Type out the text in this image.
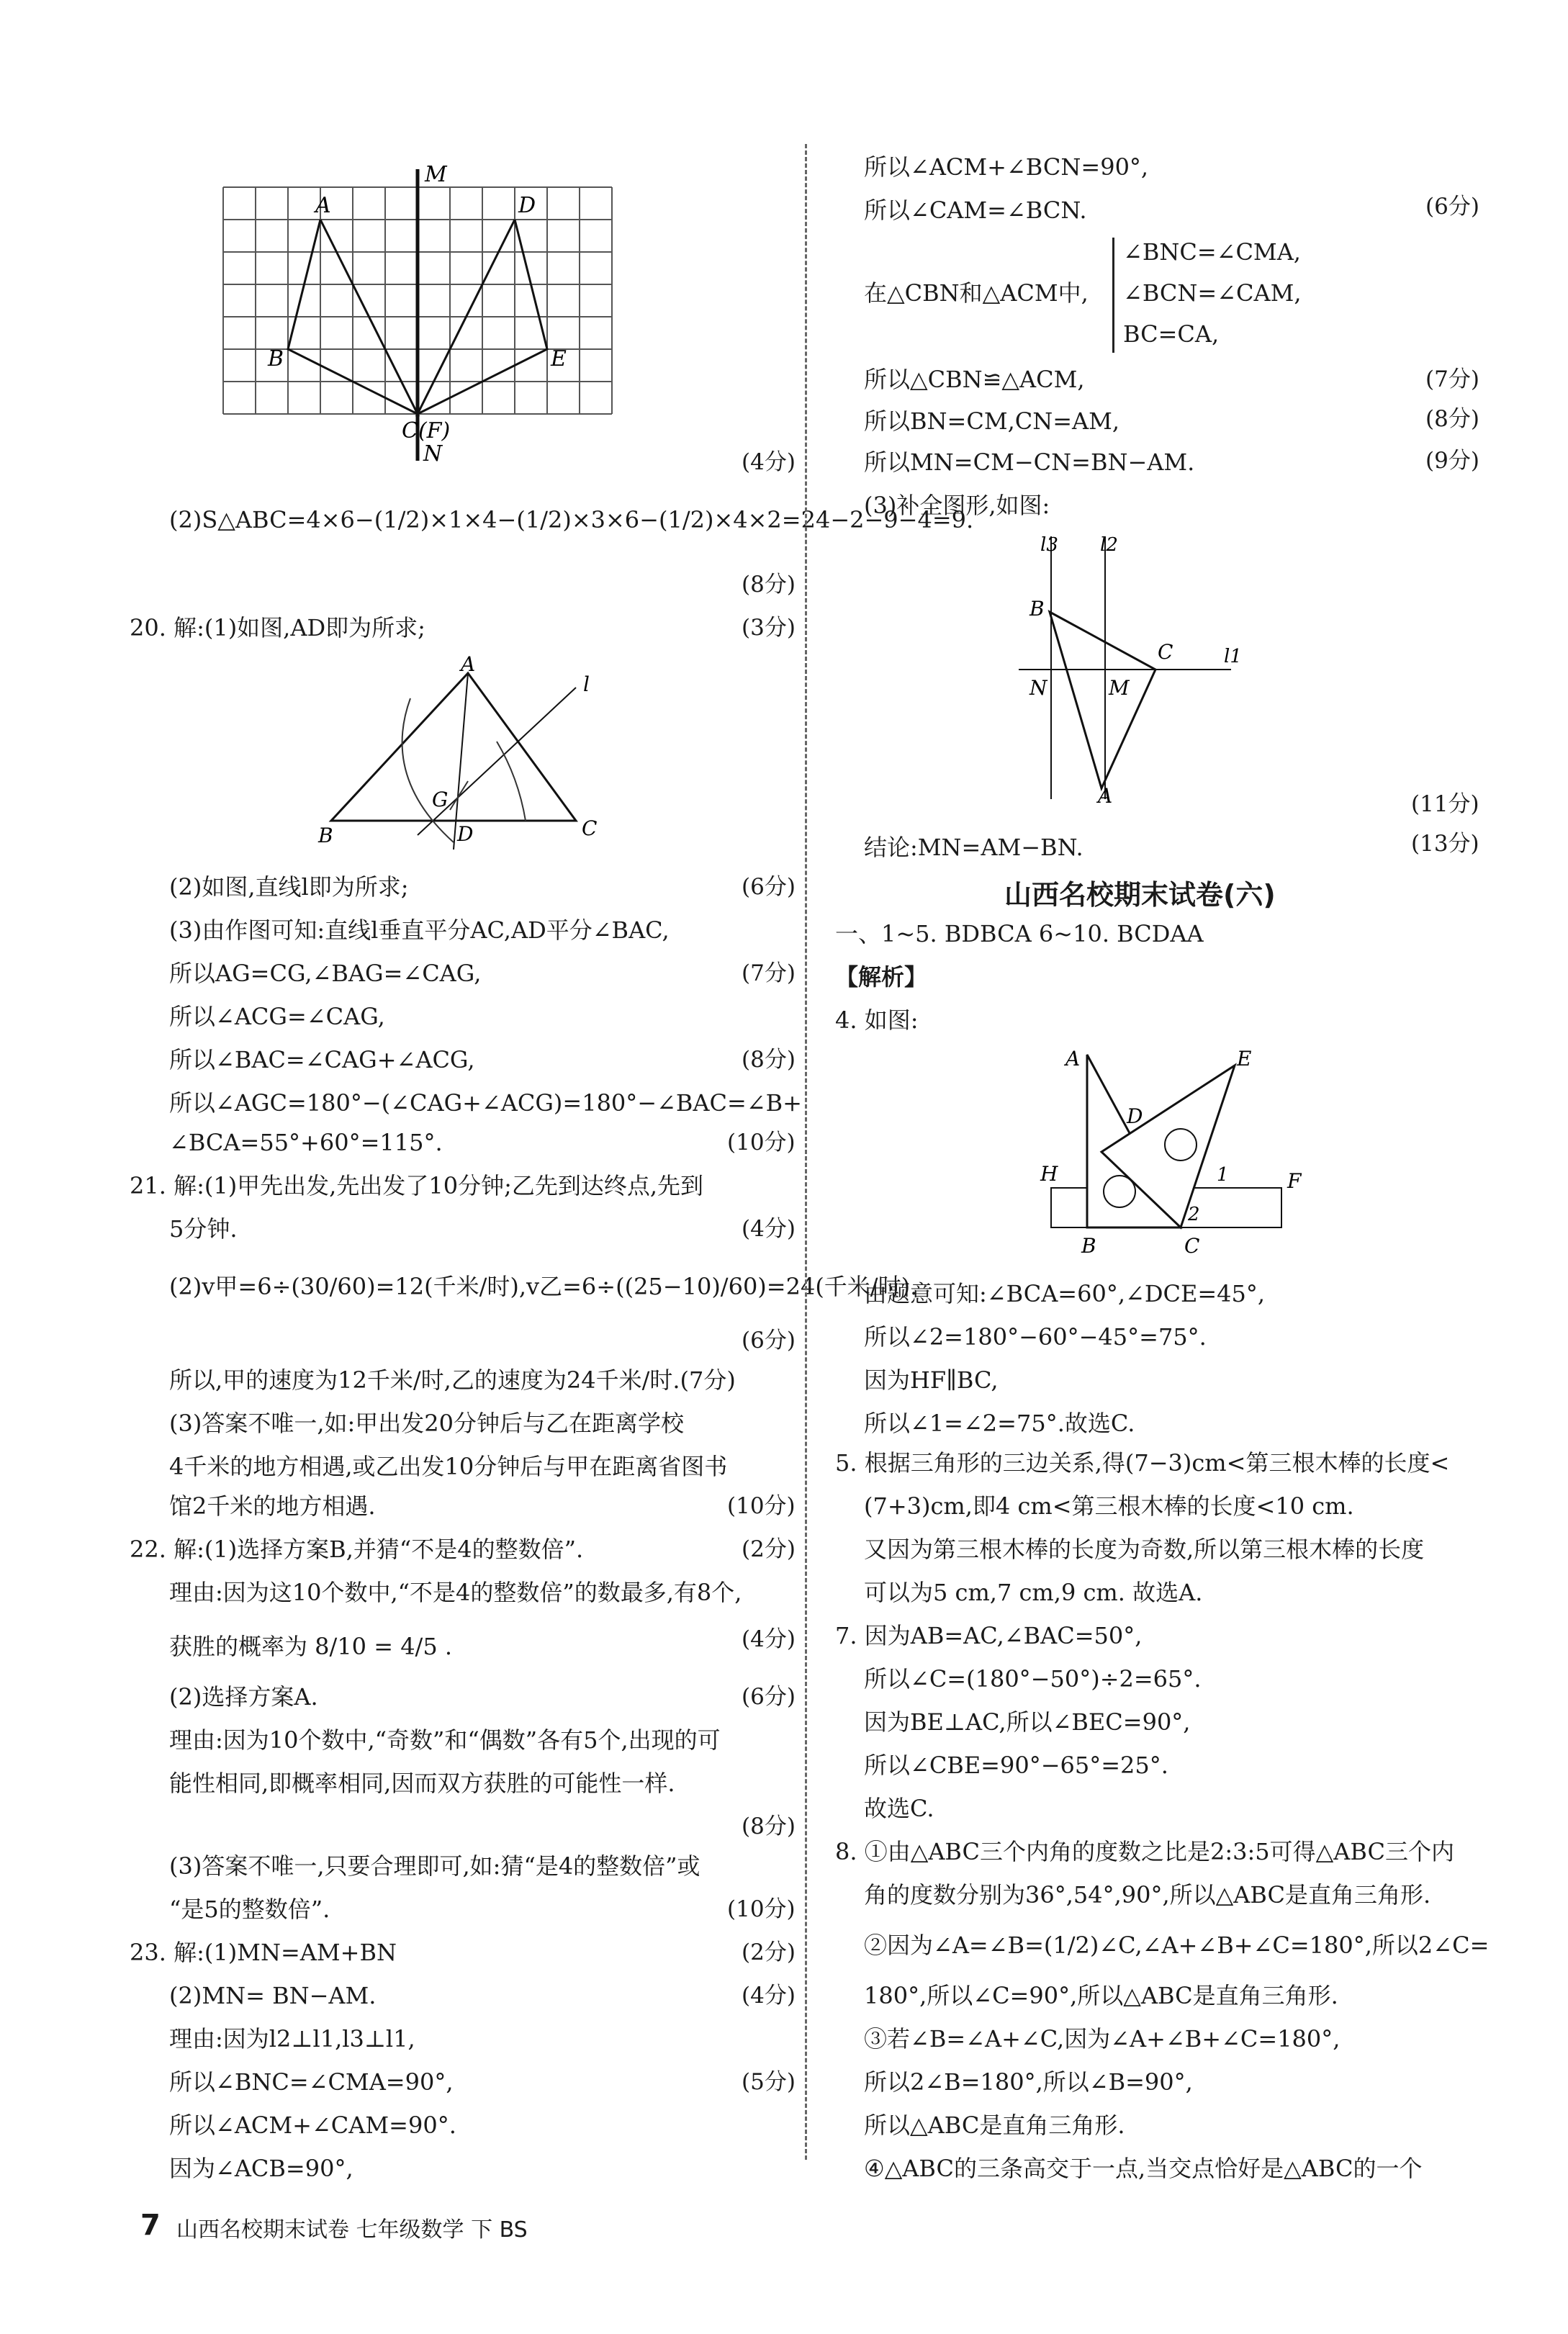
M
A	D
B	E
C(F)
N	(4分)
(2)S△ABC=4×6−(1/2)×1×4−(1/2)×3×6−(1/2)×4×2=24−2−9−4=9.
(8分)
20. 解:(1)如图,AD即为所求;	(3分)
A
B	C
D
G
l
(2)如图,直线l即为所求;	(6分)
(3)由作图可知:直线l垂直平分AC,AD平分∠BAC,
所以AG=CG,∠BAG=∠CAG,	(7分)
所以∠ACG=∠CAG,
所以∠BAC=∠CAG+∠ACG,	(8分)
所以∠AGC=180°−(∠CAG+∠ACG)=180°−∠BAC=∠B+
∠BCA=55°+60°=115°.	(10分)
21. 解:(1)甲先出发,先出发了10分钟;乙先到达终点,先到
5分钟.	(4分)
(2)v甲=6÷(30/60)=12(千米/时),v乙=6÷((25−10)/60)=24(千米/时).
(6分)
所以,甲的速度为12千米/时,乙的速度为24千米/时.(7分)
(3)答案不唯一,如:甲出发20分钟后与乙在距离学校
4千米的地方相遇,或乙出发10分钟后与甲在距离省图书
馆2千米的地方相遇.	(10分)
22. 解:(1)选择方案B,并猜“不是4的整数倍”.	(2分)
理由:因为这10个数中,“不是4的整数倍”的数最多,有8个,
获胜的概率为 8/10 = 4/5 .	(4分)
(2)选择方案A.	(6分)
理由:因为10个数中,“奇数”和“偶数”各有5个,出现的可
能性相同,即概率相同,因而双方获胜的可能性一样.
(8分)
(3)答案不唯一,只要合理即可,如:猜“是4的整数倍”或
“是5的整数倍”.	(10分)
23. 解:(1)MN=AM+BN	(2分)
(2)MN= BN−AM.	(4分)
理由:因为l2⊥l1,l3⊥l1,
所以∠BNC=∠CMA=90°,	(5分)
所以∠ACM+∠CAM=90°.
因为∠ACB=90°,
所以∠ACM+∠BCN=90°,
所以∠CAM=∠BCN.	(6分)
在△CBN和△ACM中,
∠BNC=∠CMA,
∠BCN=∠CAM,
BC=CA,
所以△CBN≌△ACM,	(7分)
所以BN=CM,CN=AM,	(8分)
所以MN=CM−CN=BN−AM.	(9分)
(3)补全图形,如图:
l3 l2
B
C	l1
N	M
A	(11分)
结论:MN=AM−BN.	(13分)
山西名校期末试卷(六)
一、1~5. BDBCA 6~10. BCDAA
【解析】
4. 如图:
A	E
D
H	F
1
2
B	C
由题意可知:∠BCA=60°,∠DCE=45°,
所以∠2=180°−60°−45°=75°.
因为HF∥BC,
所以∠1=∠2=75°.故选C.
5. 根据三角形的三边关系,得(7−3)cm<第三根木棒的长度<
(7+3)cm,即4 cm<第三根木棒的长度<10 cm.
又因为第三根木棒的长度为奇数,所以第三根木棒的长度
可以为5 cm,7 cm,9 cm. 故选A.
7. 因为AB=AC,∠BAC=50°,
所以∠C=(180°−50°)÷2=65°.
因为BE⊥AC,所以∠BEC=90°,
所以∠CBE=90°−65°=25°.
故选C.
8. ①由△ABC三个内角的度数之比是2:3:5可得△ABC三个内
角的度数分别为36°,54°,90°,所以△ABC是直角三角形.
②因为∠A=∠B=(1/2)∠C,∠A+∠B+∠C=180°,所以2∠C=
180°,所以∠C=90°,所以△ABC是直角三角形.
③若∠B=∠A+∠C,因为∠A+∠B+∠C=180°,
所以2∠B=180°,所以∠B=90°,
所以△ABC是直角三角形.
④△ABC的三条高交于一点,当交点恰好是△ABC的一个
7 山西名校期末试卷 七年级数学 下 BS
